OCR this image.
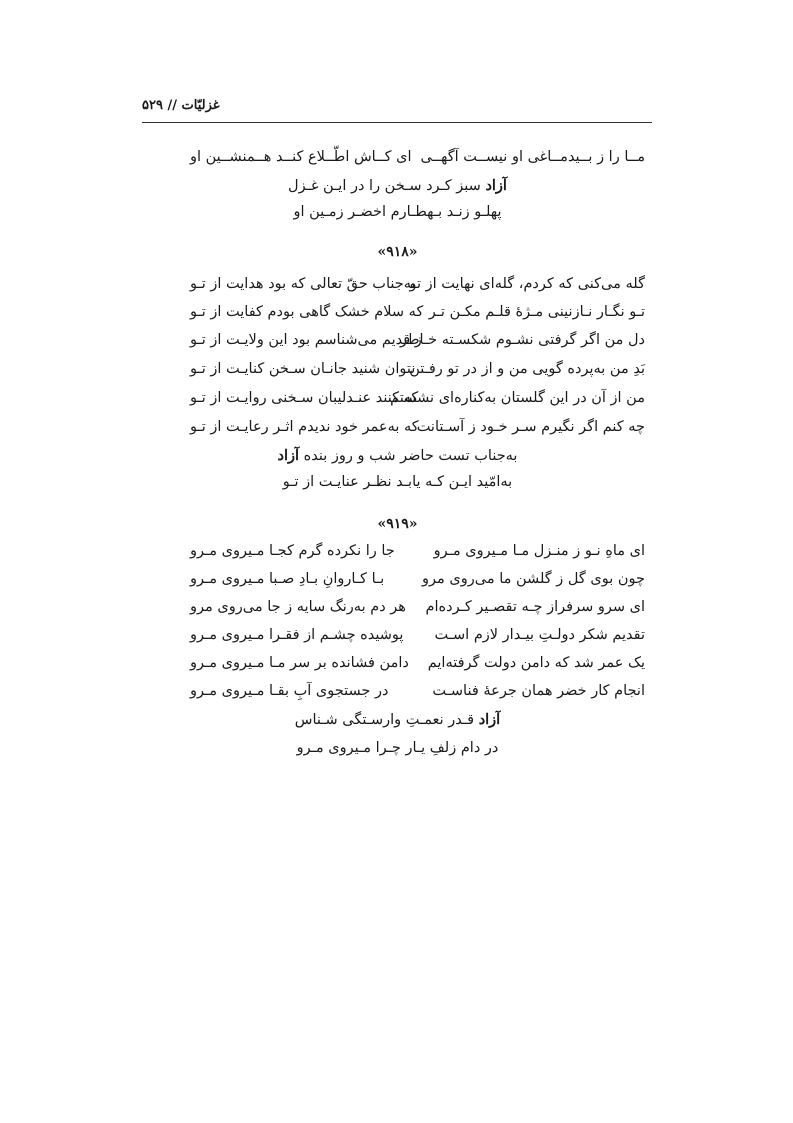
غزلیّات // ۵۲۹
مــا را ز بــیدمــاغی او نیســت آگهــی
ای کــاش اطّــلاع کنــد هــمنشــین او
آزاد سبز کـرد سـخن را در ایـن غـزل
پهلـو زنـد بـهطـارم اخضـر زمـین او
«۹۱۸»
گله می‌کنی که کردم، گله‌ای نهایت از تو
به‌جناب حقّ تعالی که بود هدایت از تـو
تـو نگـار نـازنینی مـژهٔ قلـم مکـن تـر
که سلام خشک گاهی بودم کفایت از تـو
دل من اگر گرفتی نشـوم شکسـته خـاطر
ز قدیم می‌شناسم بود این ولایـت از تـو
بَدِ من به‌پرده گویی من و از در تو رفـتن
نتوان شنید جانـان سـخن کنایـت از تـو
من از آن در این گلستان به‌کناره‌ای نشستم
که کنند عنـدلیبان سـخنی روایـت از تـو
چه کنم اگر نگیرم سـر خـود ز آسـتانت
که به‌عمر خود ندیدم اثـر رعایـت از تـو
به‌جناب تست حاضر شب و روز بنده آزاد
به‌امّید ایـن کـه یابـد نظـر عنایـت از تـو
«۹۱۹»
ای ماهِ نـو ز منـزل مـا مـیروی مـرو
جا را نکرده گرم کجـا مـیروی مـرو
چون بوی گل ز گلشن ما می‌روی مرو
بـا کـاروانِ بـادِ صـبا مـیروی مـرو
ای سرو سرفراز چـه تقصـیر کـرده‌ام
هر دم به‌رنگ سایه ز جا می‌روی مرو
تقدیم شکر دولـتِ بیـدار لازم اسـت
پوشیده چشـم از فقـرا مـیروی مـرو
یک عمر شد که دامن دولت گرفته‌ایم
دامن فشانده بر سر مـا مـیروی مـرو
انجام کار خضر همان جرعهٔ فناسـت
در جستجوی آبِ بقـا مـیروی مـرو
آزاد قـدر نعمـتِ وارسـتگی شـناس
در دام زلفِ یـار چـرا مـیروی مـرو
